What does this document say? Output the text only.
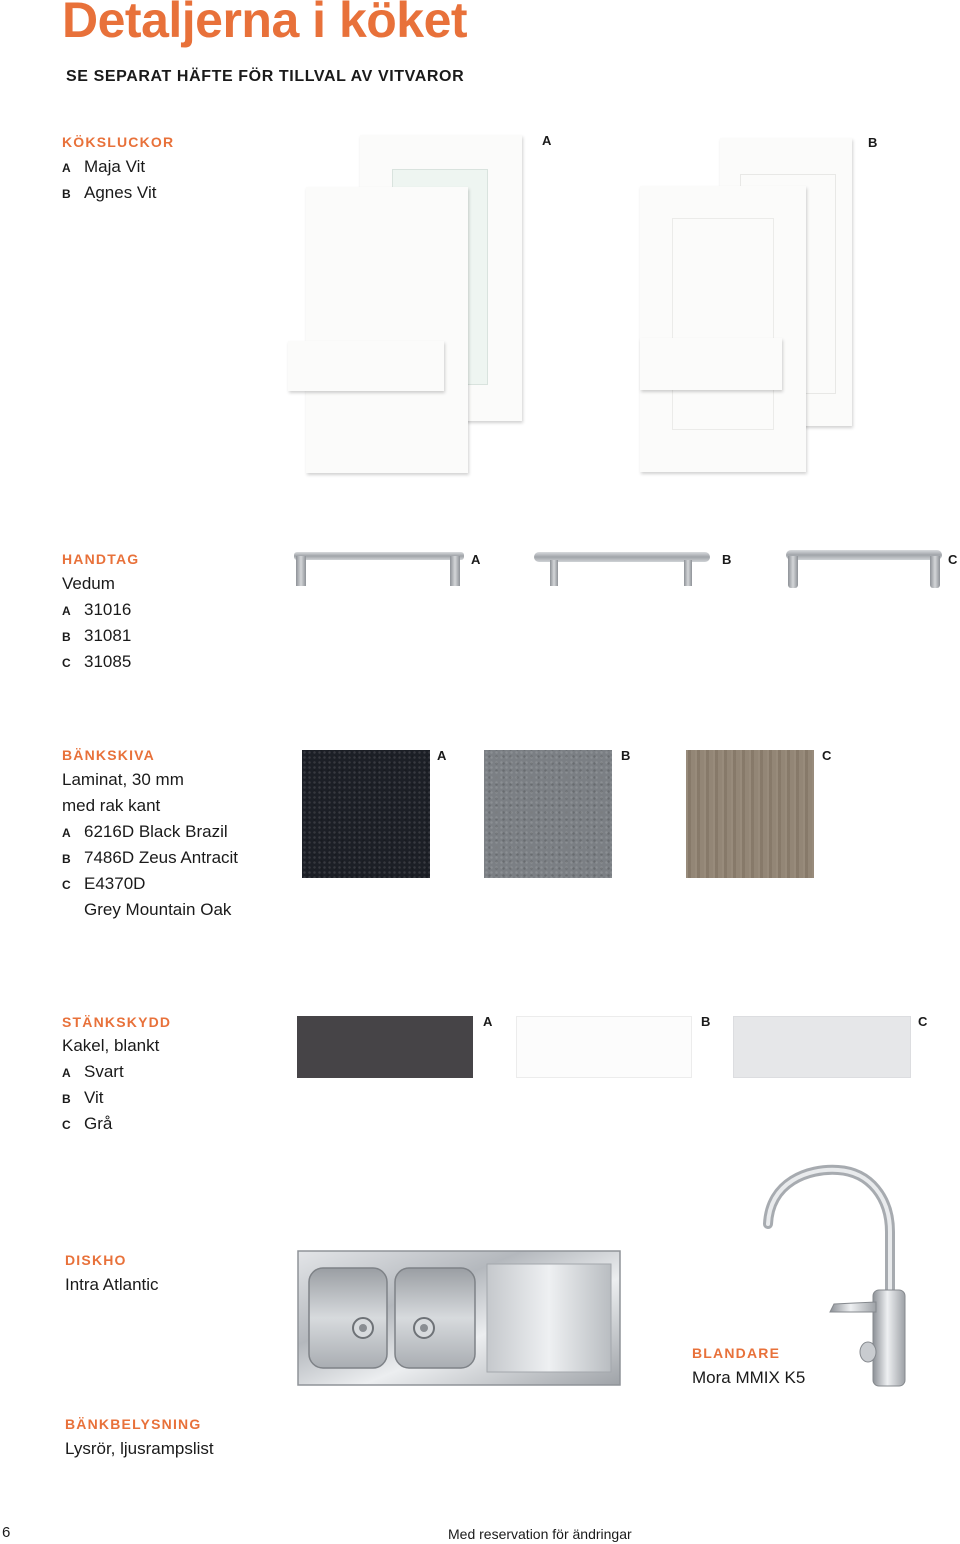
Detaljerna i köket
SE SEPARAT HÄFTE FÖR TILLVAL AV VITVAROR
KÖKSLUCKOR
A Maja Vit
B Agnes Vit
A	B
HANDTAG
Vedum
A 31016
B 31081
C 31085
A	B	C
BÄNKSKIVA
Laminat, 30 mm
med rak kant
A 6216D Black Brazil
B 7486D Zeus Antracit
C E4370D
Grey Mountain Oak
A	B	C
STÄNKSKYDD
Kakel, blankt
A Svart
B Vit
C Grå
A	B	C
DISKHO
Intra Atlantic
BLANDARE
Mora MMIX K5
BÄNKBELYSNING
Lysrör, ljusrampslist
6	Med reservation för ändringar
